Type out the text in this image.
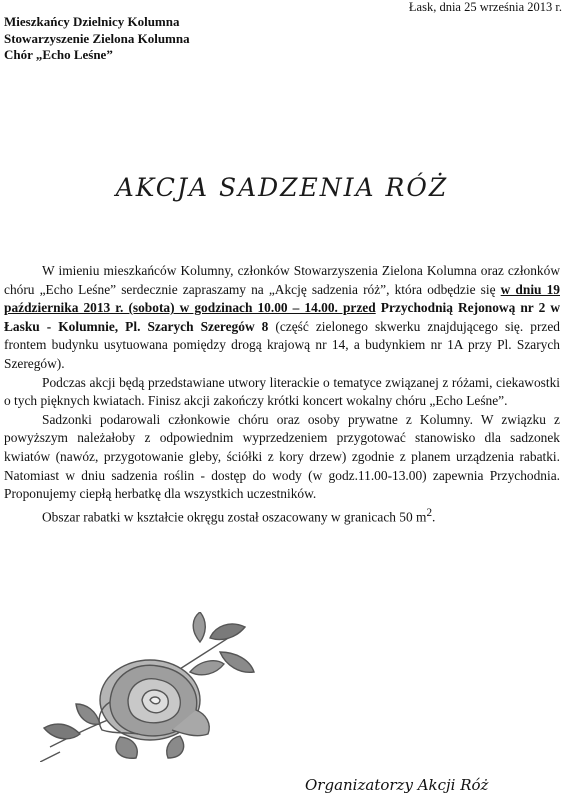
Łask, dnia 25 września 2013 r.
Mieszkańcy Dzielnicy Kolumna
Stowarzyszenie Zielona Kolumna
Chór „Echo Leśne”
AKCJA SADZENIA RÓŻ

W imieniu mieszkańców Kolumny, członków Stowarzyszenia Zielona Kolumna oraz członków chóru „Echo Leśne” serdecznie zapraszamy na „Akcję sadzenia róż”, która odbędzie się w dniu 19 października 2013 r. (sobota) w godzinach 10.00 – 14.00. przed Przychodnią Rejonową nr 2 w Łasku - Kolumnie, Pl. Szarych Szeregów 8 (część zielonego skwerku znajdującego się. przed frontem budynku usytuowana pomiędzy drogą krajową nr 14, a budynkiem nr 1A przy Pl. Szarych Szeregów).

Podczas akcji będą przedstawiane utwory literackie o tematyce związanej z różami, ciekawostki o tych pięknych kwiatach. Finisz akcji zakończy krótki koncert wokalny chóru „Echo Leśne”.

Sadzonki podarowali członkowie chóru oraz osoby prywatne z Kolumny. W związku z powyższym należałoby z odpowiednim wyprzedzeniem przygotować stanowisko dla sadzonek kwiatów (nawóz, przygotowanie gleby, ściółki z kory drzew) zgodnie z planem urządzenia rabatki. Natomiast w dniu sadzenia roślin - dostęp do wody (w godz.11.00-13.00) zapewnia Przychodnia. Proponujemy ciepłą herbatkę dla wszystkich uczestników.

Obszar rabatki w kształcie okręgu został oszacowany w granicach 50 $m^2$.

Organizatorzy Akcji Róż
